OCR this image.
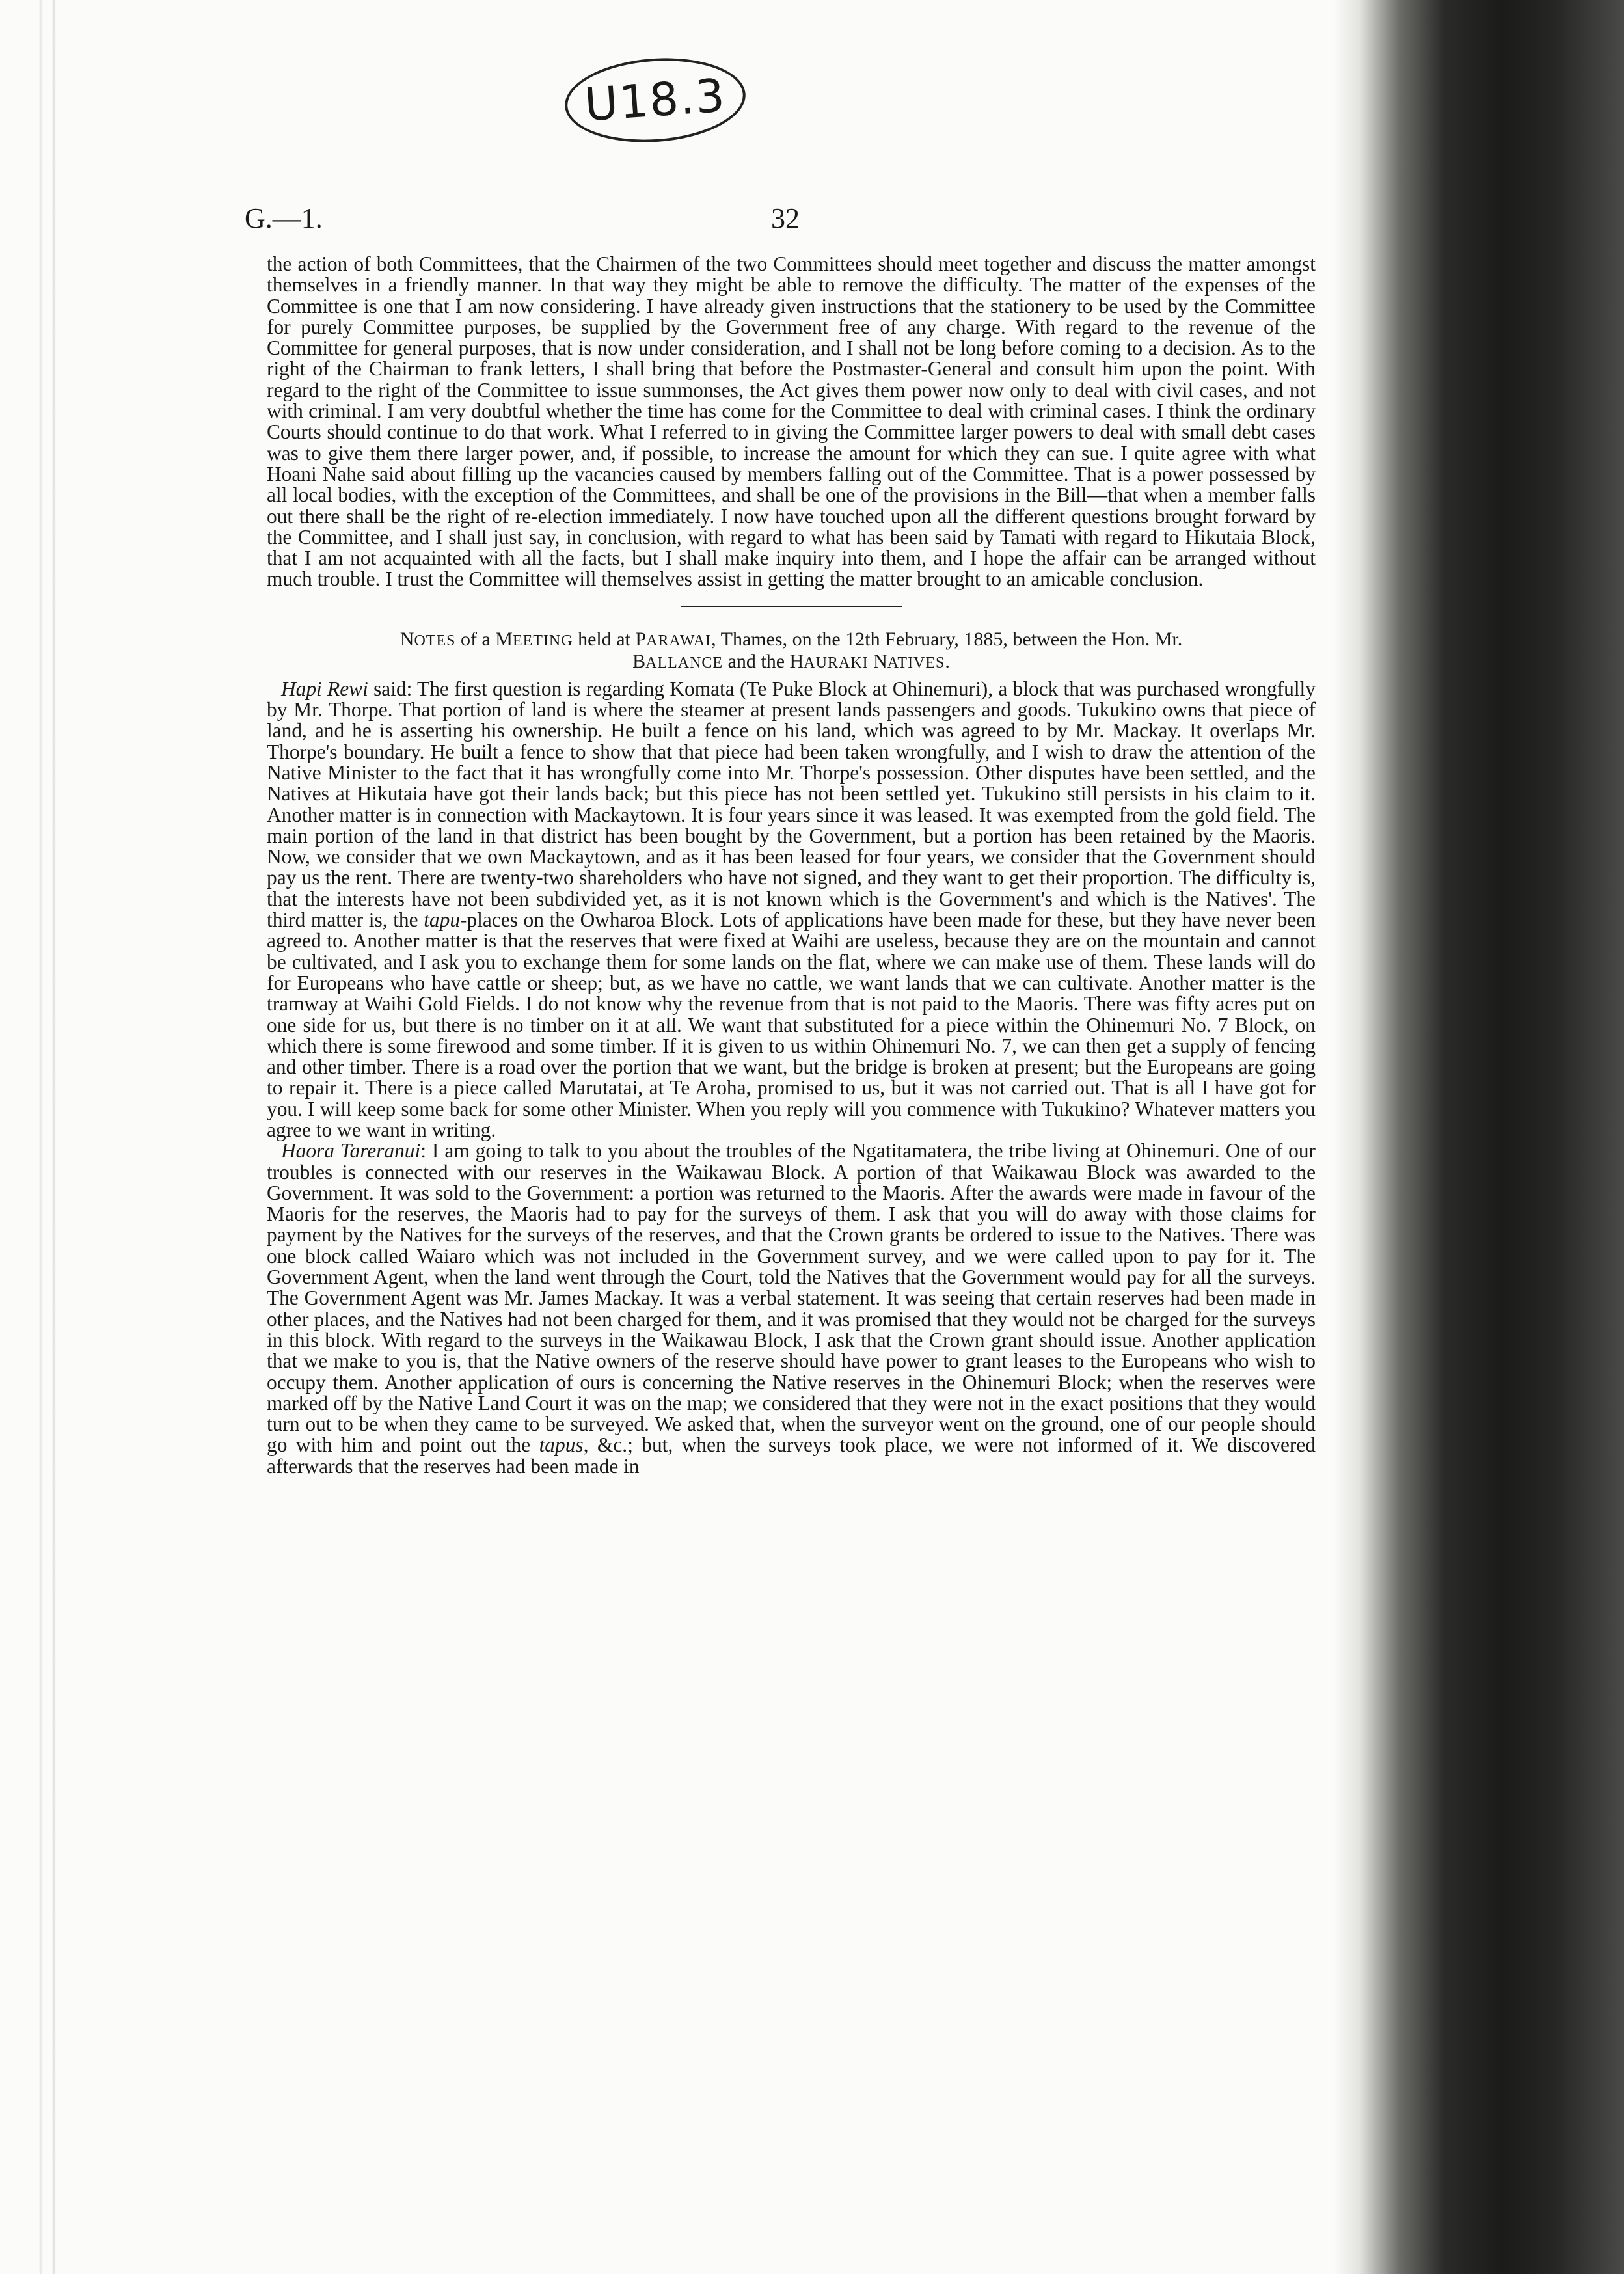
U18.3
G.—1.	32

the action of both Committees, that the Chairmen of the two Committees should meet together and discuss the matter amongst themselves in a friendly manner. In that way they might be able to remove the difficulty. The matter of the expenses of the Committee is one that I am now considering. I have already given instructions that the stationery to be used by the Committee for purely Committee purposes, be supplied by the Government free of any charge. With regard to the revenue of the Committee for general purposes, that is now under consideration, and I shall not be long before coming to a decision. As to the right of the Chairman to frank letters, I shall bring that before the Postmaster-General and consult him upon the point. With regard to the right of the Committee to issue summonses, the Act gives them power now only to deal with civil cases, and not with criminal. I am very doubtful whether the time has come for the Committee to deal with criminal cases. I think the ordinary Courts should continue to do that work. What I referred to in giving the Committee larger powers to deal with small debt cases was to give them there larger power, and, if possible, to increase the amount for which they can sue. I quite agree with what Hoani Nahe said about filling up the vacancies caused by members falling out of the Committee. That is a power possessed by all local bodies, with the exception of the Committees, and shall be one of the provisions in the Bill—that when a member falls out there shall be the right of re-election immediately. I now have touched upon all the different questions brought forward by the Committee, and I shall just say, in conclusion, with regard to what has been said by Tamati with regard to Hikutaia Block, that I am not acquainted with all the facts, but I shall make inquiry into them, and I hope the affair can be arranged without much trouble. I trust the Committee will themselves assist in getting the matter brought to an amicable conclusion.

NOTES of a MEETING held at PARAWAI, Thames, on the 12th February, 1885, between the Hon. Mr.
BALLANCE and the HAURAKI NATIVES.

Hapi Rewi said: The first question is regarding Komata (Te Puke Block at Ohinemuri), a block that was purchased wrongfully by Mr. Thorpe. That portion of land is where the steamer at present lands passengers and goods. Tukukino owns that piece of land, and he is asserting his ownership. He built a fence on his land, which was agreed to by Mr. Mackay. It overlaps Mr. Thorpe's boundary. He built a fence to show that that piece had been taken wrongfully, and I wish to draw the attention of the Native Minister to the fact that it has wrongfully come into Mr. Thorpe's possession. Other disputes have been settled, and the Natives at Hikutaia have got their lands back; but this piece has not been settled yet. Tukukino still persists in his claim to it. Another matter is in connection with Mackaytown. It is four years since it was leased. It was exempted from the gold field. The main portion of the land in that district has been bought by the Government, but a portion has been retained by the Maoris. Now, we consider that we own Mackaytown, and as it has been leased for four years, we consider that the Government should pay us the rent. There are twenty-two shareholders who have not signed, and they want to get their proportion. The difficulty is, that the interests have not been subdivided yet, as it is not known which is the Government's and which is the Natives'. The third matter is, the tapu-places on the Owharoa Block. Lots of applications have been made for these, but they have never been agreed to. Another matter is that the reserves that were fixed at Waihi are useless, because they are on the mountain and cannot be cultivated, and I ask you to exchange them for some lands on the flat, where we can make use of them. These lands will do for Europeans who have cattle or sheep; but, as we have no cattle, we want lands that we can cultivate. Another matter is the tramway at Waihi Gold Fields. I do not know why the revenue from that is not paid to the Maoris. There was fifty acres put on one side for us, but there is no timber on it at all. We want that substituted for a piece within the Ohinemuri No. 7 Block, on which there is some firewood and some timber. If it is given to us within Ohinemuri No. 7, we can then get a supply of fencing and other timber. There is a road over the portion that we want, but the bridge is broken at present; but the Europeans are going to repair it. There is a piece called Marutatai, at Te Aroha, promised to us, but it was not carried out. That is all I have got for you. I will keep some back for some other Minister. When you reply will you commence with Tukukino? Whatever matters you agree to we want in writing.

Haora Tareranui: I am going to talk to you about the troubles of the Ngatitamatera, the tribe living at Ohinemuri. One of our troubles is connected with our reserves in the Waikawau Block. A portion of that Waikawau Block was awarded to the Government. It was sold to the Government: a portion was returned to the Maoris. After the awards were made in favour of the Maoris for the reserves, the Maoris had to pay for the surveys of them. I ask that you will do away with those claims for payment by the Natives for the surveys of the reserves, and that the Crown grants be ordered to issue to the Natives. There was one block called Waiaro which was not included in the Government survey, and we were called upon to pay for it. The Government Agent, when the land went through the Court, told the Natives that the Government would pay for all the surveys. The Government Agent was Mr. James Mackay. It was a verbal statement. It was seeing that certain reserves had been made in other places, and the Natives had not been charged for them, and it was promised that they would not be charged for the surveys in this block. With regard to the surveys in the Waikawau Block, I ask that the Crown grant should issue. Another application that we make to you is, that the Native owners of the reserve should have power to grant leases to the Europeans who wish to occupy them. Another application of ours is concerning the Native reserves in the Ohinemuri Block; when the reserves were marked off by the Native Land Court it was on the map; we considered that they were not in the exact positions that they would turn out to be when they came to be surveyed. We asked that, when the surveyor went on the ground, one of our people should go with him and point out the tapus, &c.; but, when the surveys took place, we were not informed of it. We discovered afterwards that the reserves had been made in
